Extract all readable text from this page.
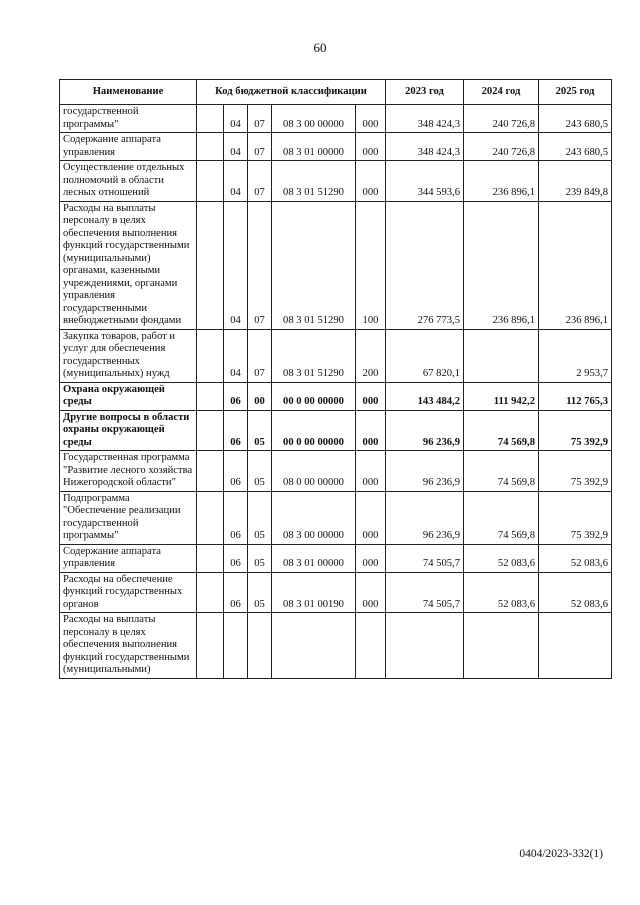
60
Наименование	Код бюджетной классификации					2023 год	2024 год	2025 год
государственной программы"		04	07	08 3 00 00000	000	348 424,3	240 726,8	243 680,5
Содержание аппарата управления		04	07	08 3 01 00000	000	348 424,3	240 726,8	243 680,5
Осуществление отдельных полномочий в области лесных отношений		04	07	08 3 01 51290	000	344 593,6	236 896,1	239 849,8
Расходы на выплаты персоналу в целях обеспечения выполнения функций государственными (муниципальными) органами, казенными учреждениями, органами управления государственными внебюджетными фондами		04	07	08 3 01 51290	100	276 773,5	236 896,1	236 896,1
Закупка товаров, работ и услуг для обеспечения государственных (муниципальных) нужд		04	07	08 3 01 51290	200	67 820,1		2 953,7
Охрана окружающей среды		06	00	00 0 00 00000	000	143 484,2	111 942,2	112 765,3
Другие вопросы в области охраны окружающей среды		06	05	00 0 00 00000	000	96 236,9	74 569,8	75 392,9
Государственная программа "Развитие лесного хозяйства Нижегородской области"		06	05	08 0 00 00000	000	96 236,9	74 569,8	75 392,9
Подпрограмма "Обеспечение реализации государственной программы"		06	05	08 3 00 00000	000	96 236,9	74 569,8	75 392,9
Содержание аппарата управления		06	05	08 3 01 00000	000	74 505,7	52 083,6	52 083,6
Расходы на обеспечение функций государственных органов		06	05	08 3 01 00190	000	74 505,7	52 083,6	52 083,6
Расходы на выплаты персоналу в целях обеспечения выполнения функций государственными (муниципальными)								
0404/2023-332(1)
